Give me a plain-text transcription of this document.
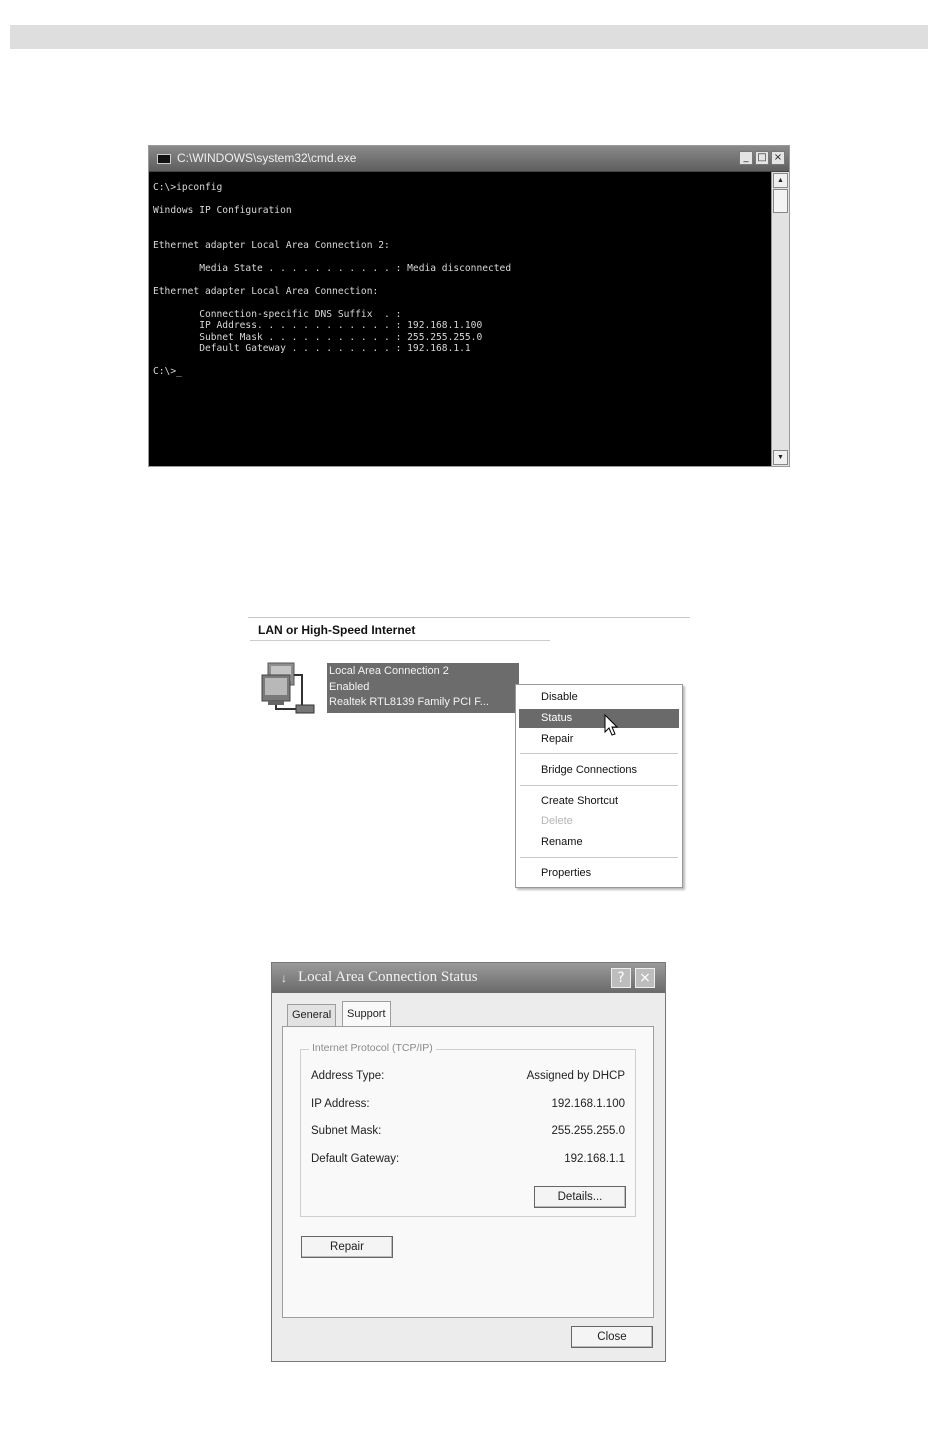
C:\WINDOWS\system32\cmd.exe	_ □ ×
C:\>ipconfig

Windows IP Configuration

Ethernet adapter Local Area Connection 2:

Media State . . . . . . . . . . . : Media disconnected

Ethernet adapter Local Area Connection:

Connection-specific DNS Suffix  . :
IP Address. . . . . . . . . . . . : 192.168.1.100
Subnet Mask . . . . . . . . . . . : 255.255.255.0
Default Gateway . . . . . . . . . : 192.168.1.1

C:\>_
▲
▼
LAN or High-Speed Internet
Local Area Connection 2
Enabled
Realtek RTL8139 Family PCI F...	Disable
Status
Repair
Bridge Connections
Create Shortcut
Delete
Rename
Properties
↓ Local Area Connection Status	?	×
General	Support
Internet Protocol (TCP/IP)
Address Type:	Assigned by DHCP
IP Address:	192.168.1.100
Subnet Mask:	255.255.255.0
Default Gateway:	192.168.1.1
Details...
Repair
Close
